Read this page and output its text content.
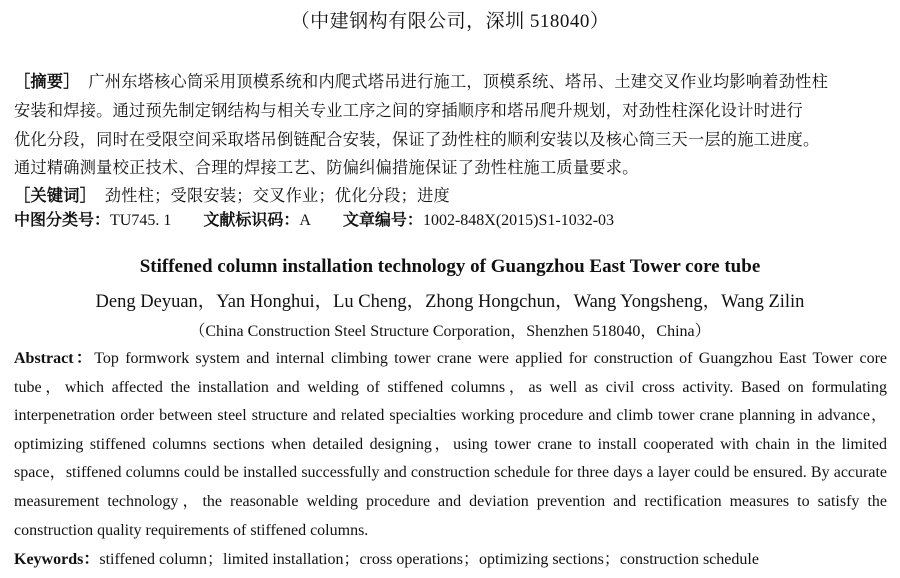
（中建钢构有限公司，深圳 518040）
［摘要］ 广州东塔核心筒采用顶模系统和内爬式塔吊进行施工，顶模系统、塔吊、土建交叉作业均影响着劲性柱
安装和焊接。通过预先制定钢结构与相关专业工序之间的穿插顺序和塔吊爬升规划，对劲性柱深化设计时进行
优化分段，同时在受限空间采取塔吊倒链配合安装，保证了劲性柱的顺利安装以及核心筒三天一层的施工进度。
通过精确测量校正技术、合理的焊接工艺、防偏纠偏措施保证了劲性柱施工质量要求。
［关键词］ 劲性柱；受限安装；交叉作业；优化分段；进度
中图分类号：TU745. 1 文献标识码：A 文章编号：1002-848X(2015)S1-1032-03
Stiffened column installation technology of Guangzhou East Tower core tube
Deng Deyuan，Yan Honghui，Lu Cheng，Zhong Hongchun，Wang Yongsheng，Wang Zilin
（China Construction Steel Structure Corporation，Shenzhen 518040，China）
Abstract：Top formwork system and internal climbing tower crane were applied for construction of Guangzhou East Tower core tube，which affected the installation and welding of stiffened columns，as well as civil cross activity. Based on formulating interpenetration order between steel structure and related specialties working procedure and climb tower crane planning in advance，optimizing stiffened columns sections when detailed designing，using tower crane to install cooperated with chain in the limited space，stiffened columns could be installed successfully and construction schedule for three days a layer could be ensured. By accurate measurement technology，the reasonable welding procedure and deviation prevention and rectification measures to satisfy the construction quality requirements of stiffened columns.
Keywords：stiffened column；limited installation；cross operations；optimizing sections；construction schedule
